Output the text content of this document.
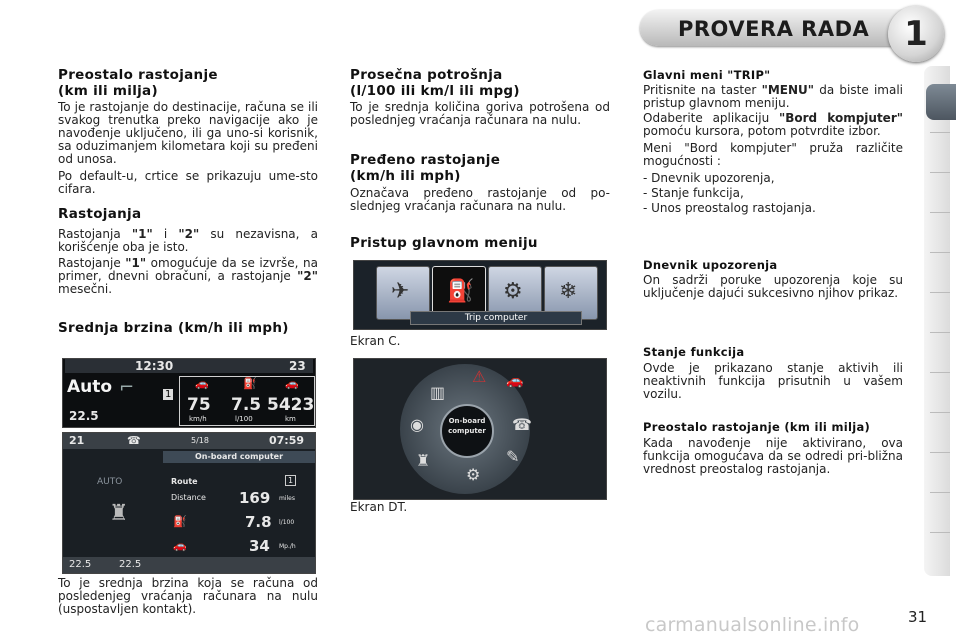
PROVERA RADA	1
Preostalo rastojanje
(km ili milja)
To je rastojanje do destinacije, računa se ili svakog trenutka preko navigacije ako je navođenje uključeno, ili ga uno-si korisnik, sa oduzimanjem kilometara koji su pređeni od unosa.
Po default-u, crtice se prikazuju ume-sto cifara.
Rastojanja
Rastojanja "1" i "2" su nezavisna, a korišćenje oba je isto.
Rastojanje "1" omogućuje da se izvrše, na primer, dnevni obračuni, a rastojanje "2" mesečni.
Srednja brzina (km/h ili mph)
12:30	23
Auto
22.5
⌐	1
🚗	⛽	🚗
75
km/h
7.5
l/100
5423
km
21	☎	5/18	07:59
On-board computer
AUTO	Route	1
Distance 169 miles
⛽	7.8 l/100
🚗	34 Mp./h
♜
22.5	22.5
To je srednja brzina koja se računa od posledenjeg vraćanja računara na nulu (uspostavljen kontakt).
Prosečna potrošnja
(l/100 ili km/l ili mpg)
To je srednja količina goriva potrošena od poslednjeg vraćanja računara na nulu.
Pređeno rastojanje
(km/h ili mph)
Označava pređeno rastojanje od po-slednjeg vraćanja računara na nulu.
Pristup glavnom meniju
✈ ⛽ ⚙ ❄
Trip computer
Ekran C.
On-board
computer
⚠ 🚗
▥
◉	☎
♜	✎
⚙
Ekran DT.
Glavni meni "TRIP"
Pritisnite na taster "MENU" da biste imali pristup glavnom meniju.
Odaberite aplikaciju "Bord kompjuter" pomoću kursora, potom potvrdite izbor.
Meni "Bord kompjuter" pruža različite mogućnosti :
- Dnevnik upozorenja,
- Stanje funkcija,
- Unos preostalog rastojanja.
Dnevnik upozorenja
On sadrži poruke upozorenja koje su uključenje dajući sukcesivno njihov prikaz.
Stanje funkcija
Ovde je prikazano stanje aktivih ili neaktivnih funkcija prisutnih u vašem vozilu.
Preostalo rastojanje (km ili milja)
Kada navođenje nije aktivirano, ova funkcija omogućava da se odredi pri-bližna vrednost preostalog rastojanja.
carmanualsonline.info	31
